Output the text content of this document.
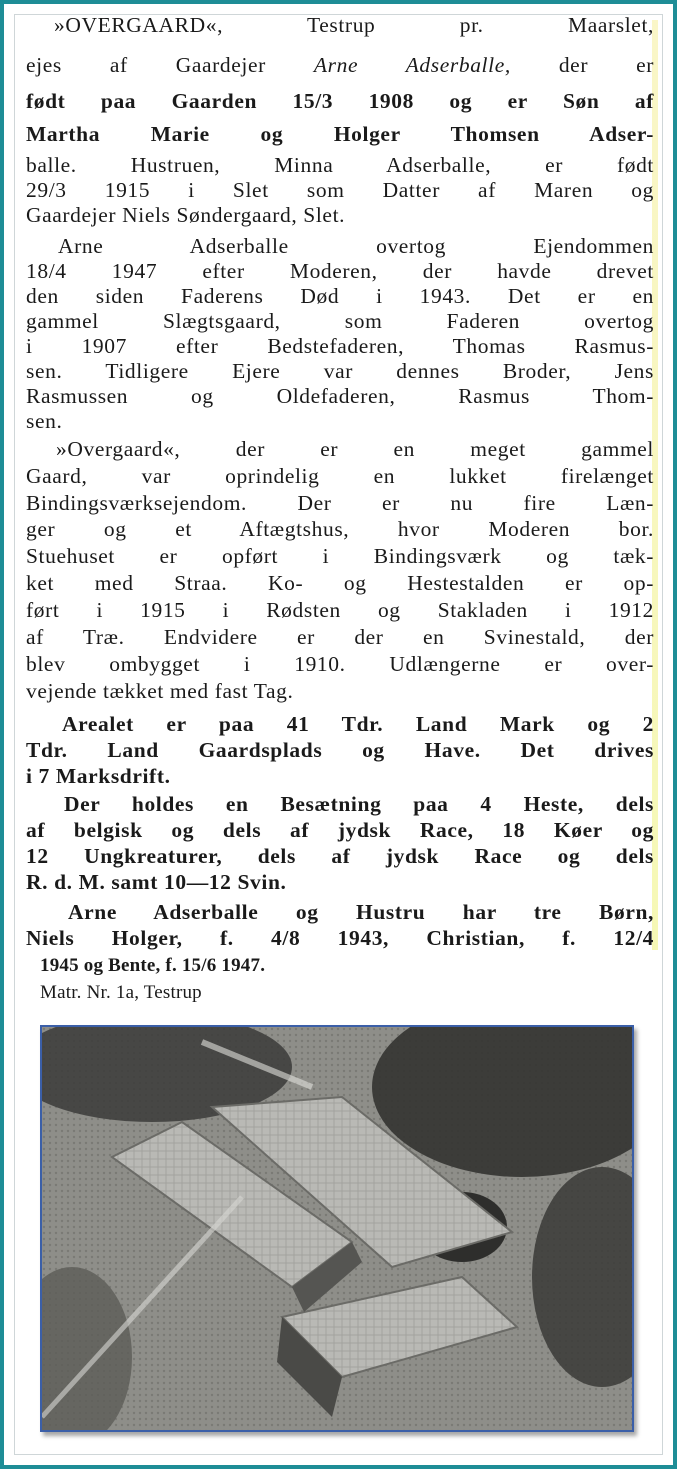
»OVERGAARD«, Testrup pr. Maarslet,
ejes af Gaardejer Arne Adserballe, der er
født paa Gaarden 15/3 1908 og er Søn af
Martha Marie og Holger Thomsen Adser-
balle. Hustruen, Minna Adserballe, er født
29/3 1915 i Slet som Datter af Maren og
Gaardejer Niels Søndergaard, Slet.
Arne Adserballe overtog Ejendommen
18/4 1947 efter Moderen, der havde drevet
den siden Faderens Død i 1943. Det er en
gammel Slægtsgaard, som Faderen overtog
i 1907 efter Bedstefaderen, Thomas Rasmus-
sen. Tidligere Ejere var dennes Broder, Jens
Rasmussen og Oldefaderen, Rasmus Thom-
sen.
»Overgaard«, der er en meget gammel
Gaard, var oprindelig en lukket firelænget
Bindingsværksejendom. Der er nu fire Læn-
ger og et Aftægtshus, hvor Moderen bor.
Stuehuset er opført i Bindingsværk og tæk-
ket med Straa. Ko- og Hestestalden er op-
ført i 1915 i Rødsten og Stakladen i 1912
af Træ. Endvidere er der en Svinestald, der
blev ombygget i 1910. Udlængerne er over-
vejende tækket med fast Tag.
Arealet er paa 41 Tdr. Land Mark og 2
Tdr. Land Gaardsplads og Have. Det drives
i 7 Marksdrift.
Der holdes en Besætning paa 4 Heste, dels
af belgisk og dels af jydsk Race, 18 Køer og
12 Ungkreaturer, dels af jydsk Race og dels
R. d. M. samt 10—12 Svin.
Arne Adserballe og Hustru har tre Børn,
Niels Holger, f. 4/8 1943, Christian, f. 12/4
1945 og Bente, f. 15/6 1947.
Matr. Nr. 1a, Testrup
